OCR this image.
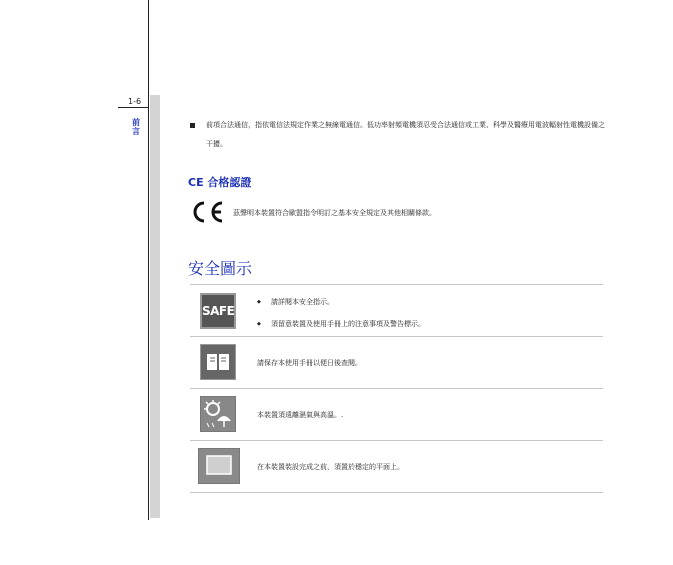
1-6
前言
前項合法通信，指依電信法規定作業之無線電通信。低功率射頻電機須忍受合法通信或工業、科學及醫療用電波輻射性電機設備之干擾。
CE 合格認證
茲聲明本裝置符合歐盟指令明訂之基本安全規定及其他相關條款。
安全圖示
SAFE
◆ 請詳閱本安全指示。
◆ 須留意裝置及使用手冊上的注意事項及警告標示。
請保存本使用手冊以便日後查閱。
本裝置須遠離濕氣與高溫。.
在本裝置裝設完成之前，須置於穩定的平面上。
